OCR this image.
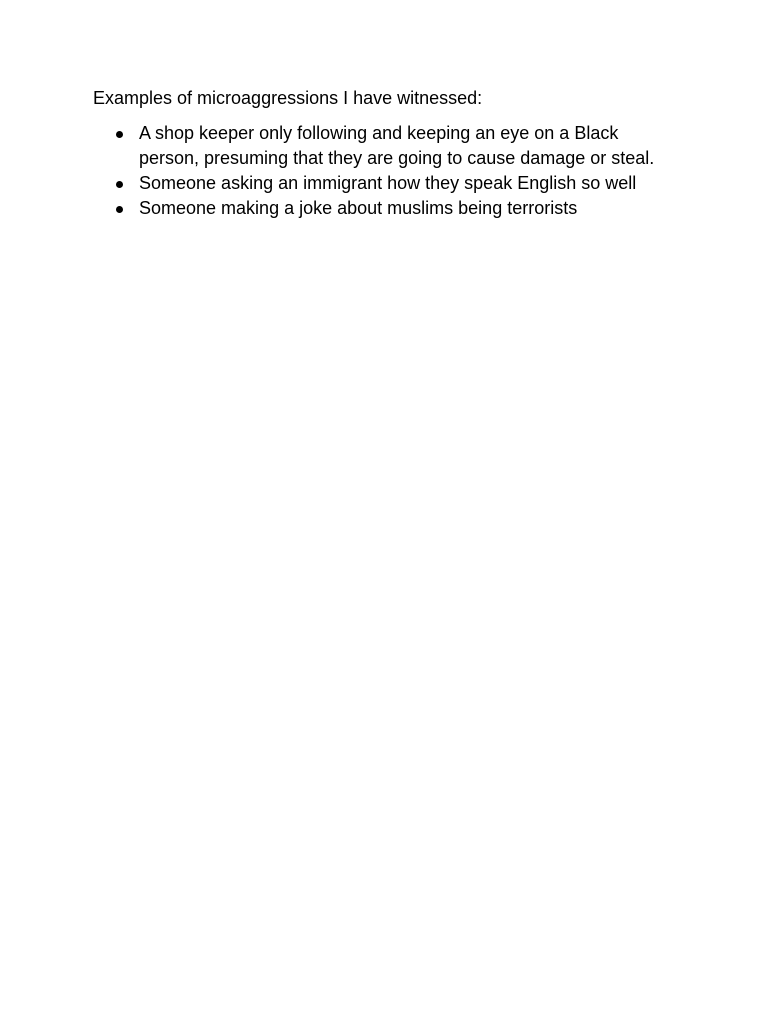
Examples of microaggressions I have witnessed:

A shop keeper only following and keeping an eye on a Black person, presuming that they are going to cause damage or steal.
Someone asking an immigrant how they speak English so well
Someone making a joke about muslims being terrorists
